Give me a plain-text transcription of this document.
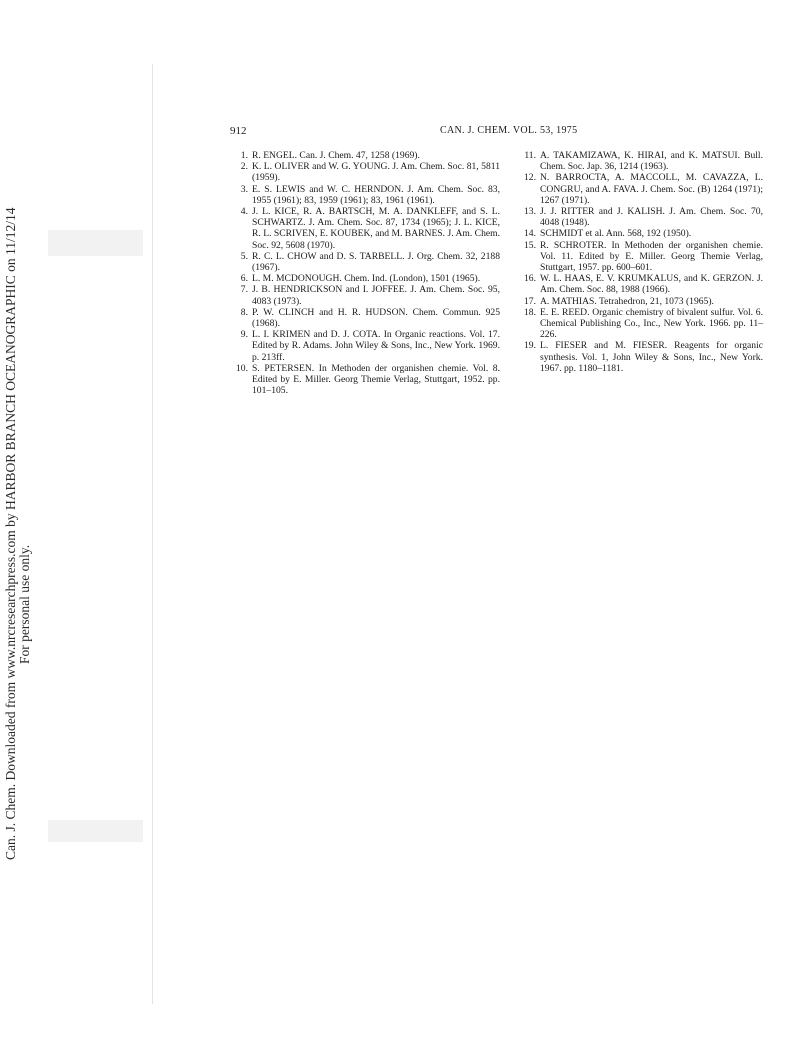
Can. J. Chem. Downloaded from www.nrcresearchpress.com by HARBOR BRANCH OCEANOGRAPHIC on 11/12/14 For personal use only.
912	CAN. J. CHEM. VOL. 53, 1975

1. R. ENGEL. Can. J. Chem. 47, 1258 (1969).

2. K. L. OLIVER and W. G. YOUNG. J. Am. Chem. Soc. 81, 5811 (1959).

3. E. S. LEWIS and W. C. HERNDON. J. Am. Chem. Soc. 83, 1955 (1961); 83, 1959 (1961); 83, 1961 (1961).

4. J. L. KICE, R. A. BARTSCH, M. A. DANKLEFF, and S. L. SCHWARTZ. J. Am. Chem. Soc. 87, 1734 (1965); J. L. KICE, R. L. SCRIVEN, E. KOUBEK, and M. BARNES. J. Am. Chem. Soc. 92, 5608 (1970).

5. R. C. L. CHOW and D. S. TARBELL. J. Org. Chem. 32, 2188 (1967).

6. L. M. MCDONOUGH. Chem. Ind. (London), 1501 (1965).

7. J. B. HENDRICKSON and I. JOFFEE. J. Am. Chem. Soc. 95, 4083 (1973).

8. P. W. CLINCH and H. R. HUDSON. Chem. Commun. 925 (1968).

9. L. I. KRIMEN and D. J. COTA. In Organic reactions. Vol. 17. Edited by R. Adams. John Wiley & Sons, Inc., New York. 1969. p. 213ff.

10. S. PETERSEN. In Methoden der organishen chemie. Vol. 8. Edited by E. Miller. Georg Themie Verlag, Stuttgart, 1952. pp. 101–105.

11. A. TAKAMIZAWA, K. HIRAI, and K. MATSUI. Bull. Chem. Soc. Jap. 36, 1214 (1963).

12. N. BARROCTA, A. MACCOLL, M. CAVAZZA, L. CONGRU, and A. FAVA. J. Chem. Soc. (B) 1264 (1971); 1267 (1971).

13. J. J. RITTER and J. KALISH. J. Am. Chem. Soc. 70, 4048 (1948).

14. SCHMIDT et al. Ann. 568, 192 (1950).

15. R. SCHROTER. In Methoden der organishen chemie. Vol. 11. Edited by E. Miller. Georg Themie Verlag, Stuttgart, 1957. pp. 600–601.

16. W. L. HAAS, E. V. KRUMKALUS, and K. GERZON. J. Am. Chem. Soc. 88, 1988 (1966).

17. A. MATHIAS. Tetrahedron, 21, 1073 (1965).

18. E. E. REED. Organic chemistry of bivalent sulfur. Vol. 6. Chemical Publishing Co., Inc., New York. 1966. pp. 11–226.

19. L. FIESER and M. FIESER. Reagents for organic synthesis. Vol. 1, John Wiley & Sons, Inc., New York. 1967. pp. 1180–1181.
